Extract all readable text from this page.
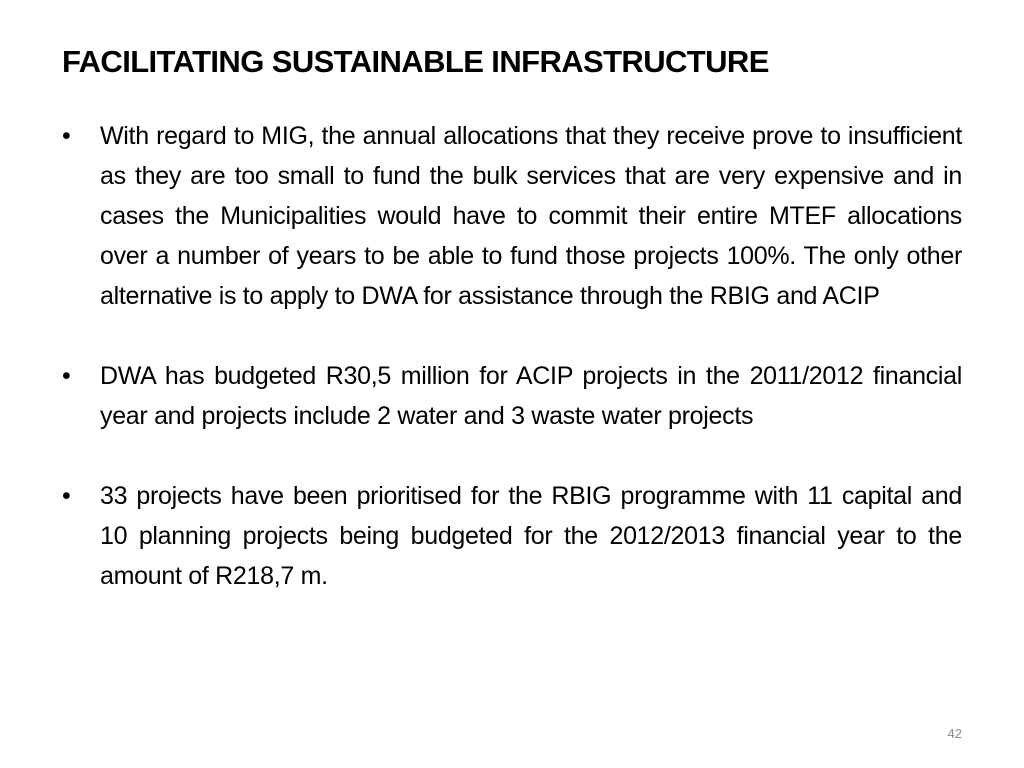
FACILITATING SUSTAINABLE INFRASTRUCTURE
•	With regard to MIG, the annual allocations that they receive prove to insufficient as they are too small to fund the bulk services that are very expensive and in cases the Municipalities would have to commit their entire MTEF allocations over a number of years to be able to fund those projects 100%. The only other alternative is to apply to DWA for assistance through the RBIG and ACIP
•	DWA has budgeted R30,5 million for ACIP projects in the 2011/2012 financial year and projects include 2 water and 3 waste water projects
•	33 projects have been prioritised for the RBIG programme with 11 capital and 10 planning projects being budgeted for the 2012/2013 financial year to the amount of R218,7 m.
42
